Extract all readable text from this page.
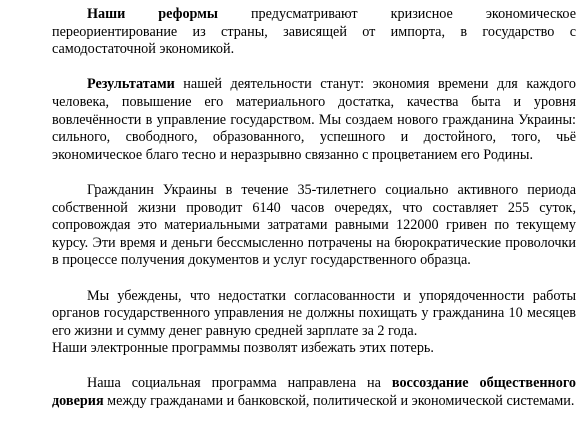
Наши реформы предусматривают кризисное экономическое переориентирование из страны, зависящей от импорта, в государство с самодостаточной экономикой.

Результатами нашей деятельности станут: экономия времени для каждого человека, повышение его материального достатка, качества быта и уровня вовлечённости в управление государством. Мы создаем нового гражданина Украины: сильного, свободного, образованного, успешного и достойного, того, чьё экономическое благо тесно и неразрывно связанно с процветанием его Родины.

Гражданин Украины в течение 35-тилетнего социально активного периода собственной жизни проводит 6140 часов очередях, что составляет 255 суток, сопровождая это материальными затратами равными 122000 гривен по текущему курсу. Эти время и деньги бессмысленно потрачены на бюрократические проволочки в процессе получения документов и услуг государственного образца.

Мы убеждены, что недостатки согласованности и упорядоченности работы органов государственного управления не должны похищать у гражданина 10 месяцев его жизни и сумму денег равную средней зарплате за 2 года.

Наши электронные программы позволят избежать этих потерь.

Наша социальная программа направлена на воссоздание общественного доверия между гражданами и банковской, политической и экономической системами.
